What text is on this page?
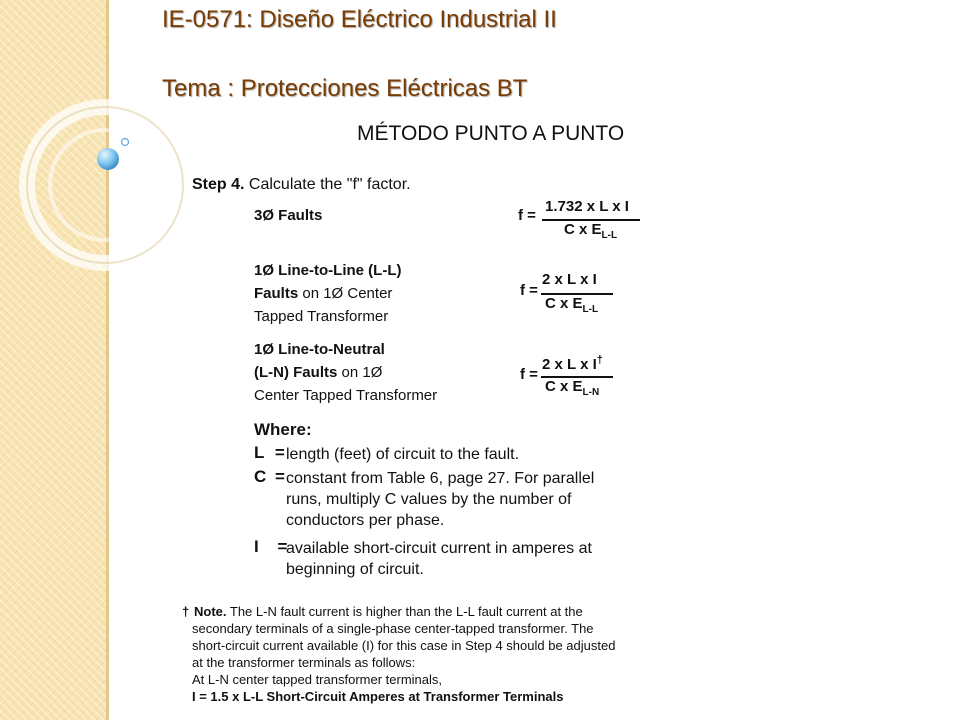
IE-0571: Diseño Eléctrico Industrial II
Tema : Protecciones Eléctricas BT
MÉTODO PUNTO A PUNTO
Step 4. Calculate the "f" factor.
3Ø Faults	f =
1.732 x L x I
C x $E_{L-L}$
1Ø Line-to-Line (L-L)
Faults on 1Ø Center
Tapped Transformer
f =
2 x L x I
C x $E_{L-L}$
1Ø Line-to-Neutral
(L-N) Faults on 1Ø
Center Tapped Transformer
f =
2 x L x I†
C x $E_{L-N}$
Where:
L = length (feet) of circuit to the fault.
C = constant from Table 6, page 27. For parallel
runs, multiply C values by the number of
conductors per phase.
I =
available short-circuit current in amperes at
beginning of circuit.
† Note. The L-N fault current is higher than the L-L fault current at the
secondary terminals of a single-phase center-tapped transformer. The
short-circuit current available (I) for this case in Step 4 should be adjusted
at the transformer terminals as follows:
At L-N center tapped transformer terminals,
I = 1.5 x L-L Short-Circuit Amperes at Transformer Terminals
